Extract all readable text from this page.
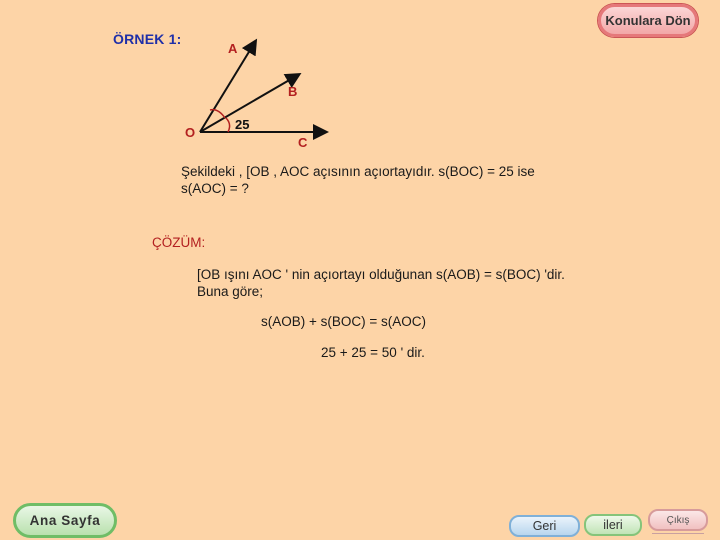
ÖRNEK 1:
A
B
O
C
25
Şekildeki , [OB , AOC açısının açıortayıdır. s(BOC) = 25 ise
s(AOC) = ?
ÇÖZÜM:
[OB ışını AOC ' nin açıortayı olduğunan s(AOB) = s(BOC) 'dir.
Buna göre;
s(AOB) + s(BOC) = s(AOC)
25 + 25 = 50 ' dir.
Konulara Dön
Ana Sayfa	Geri	ileri	Çıkış
